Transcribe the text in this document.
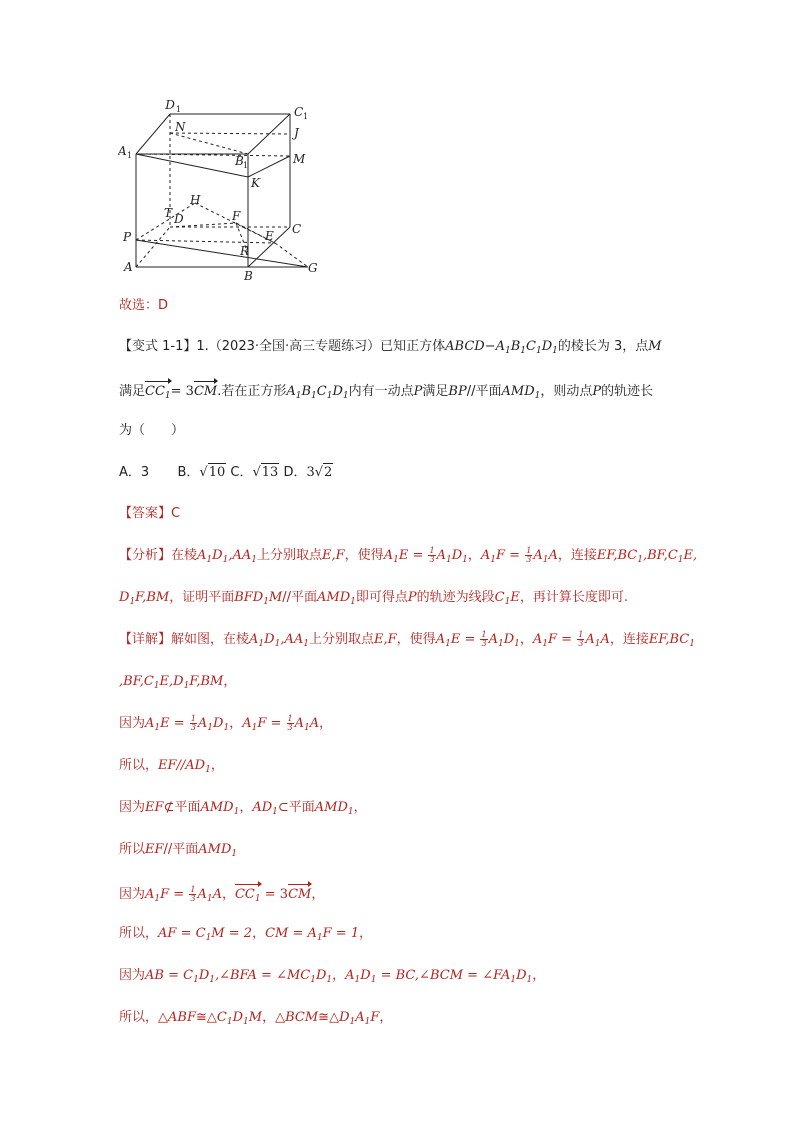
D 1	C 1
A 1	B 1
N	J
M
K
H
T D	F
P	E C
R
A
B
G
故选：D
【变式 1-1】1.（2023·全国·高三专题练习）已知正方体$ABCD-A_1B_1C_1D_1$的棱长为 3，点M
满足$CC_1= 3CM$.若在正方形$A_1B_1C_1D_1$内有一动点P满足BP//平面$AMD_1$，则动点P的轨迹长
为（　　）
A．3 B．√10 C．√13 D．3√2
【答案】C
【分析】在棱$A_1D_1,AA_1$上分别取点E,F，使得$A_1E = \frac{1}{3} A_1D_1$，$A_1F = \frac{1}{3} A_1A$，连接$EF,BC_1,BF,C_1E$,
$D_1F,BM$，证明平面$BFD_1M//$平面$AMD_1$即可得点P的轨迹为线段$C_1E$，再计算长度即可.
【详解】解如图，在棱$A_1D_1,AA_1$上分别取点E,F，使得$A_1E = \frac{1}{3} A_1D_1$，$A_1F = \frac{1}{3} A_1A$，连接$EF,BC_1$
$,BF,C_1E,D_1F,BM$，
因为$A_1E = \frac{1}{3} A_1D_1$，$A_1F = \frac{1}{3} A_1A$，
所以，$EF//AD_1$，
因为EF⊄平面$AMD_1$，$AD_1\subset$平面$AMD_1$，
所以EF//平面$AMD_1$
因为$A_1F = \frac{1}{3} A_1A$，$CC_1 = 3CM$，
所以，AF = $C_1M = 2$，CM = $A_1F = 1$，
因为AB = $C_1D_1,\angle BFA$ = $\angle MC_1D_1$，$A_1D_1$ = BC,∠BCM = $\angle FA_1D_1$，
所以，$\triangle ABF≅\triangle C_1D_1M$，$\triangle BCM≅\triangle D_1A_1F$，
